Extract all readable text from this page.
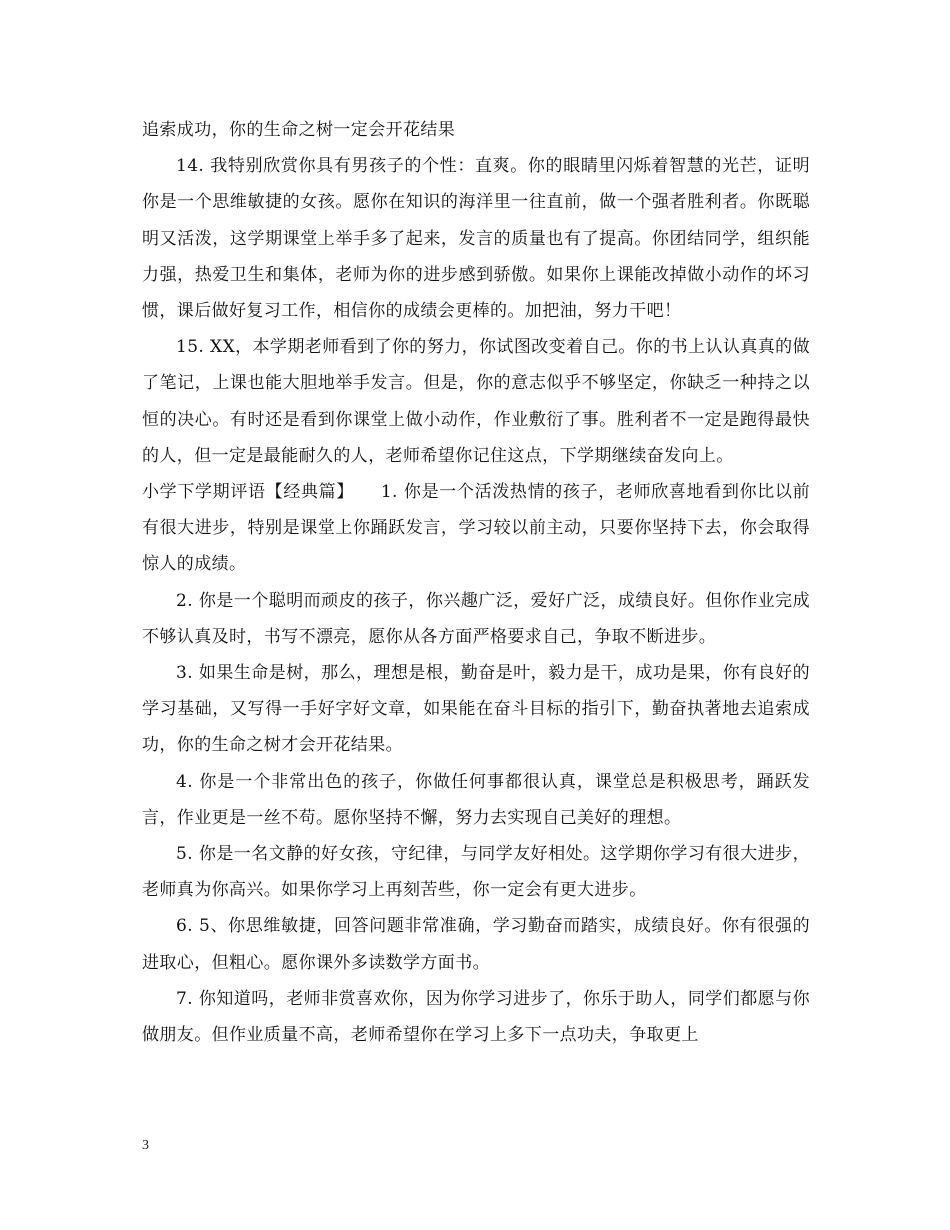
追索成功，你的生命之树一定会开花结果

14. 我特别欣赏你具有男孩子的个性：直爽。你的眼睛里闪烁着智慧的光芒，证明你是一个思维敏捷的女孩。愿你在知识的海洋里一往直前，做一个强者胜利者。你既聪明又活泼，这学期课堂上举手多了起来，发言的质量也有了提高。你团结同学，组织能力强，热爱卫生和集体，老师为你的进步感到骄傲。如果你上课能改掉做小动作的坏习惯，课后做好复习工作，相信你的成绩会更棒的。加把油，努力干吧！

15. XX，本学期老师看到了你的努力，你试图改变着自己。你的书上认认真真的做了笔记，上课也能大胆地举手发言。但是，你的意志似乎不够坚定，你缺乏一种持之以恒的决心。有时还是看到你课堂上做小动作，作业敷衍了事。胜利者不一定是跑得最快的人，但一定是最能耐久的人，老师希望你记住这点，下学期继续奋发向上。

小学下学期评语【经典篇】　　1. 你是一个活泼热情的孩子，老师欣喜地看到你比以前有很大进步，特别是课堂上你踊跃发言，学习较以前主动，只要你坚持下去，你会取得惊人的成绩。

2. 你是一个聪明而顽皮的孩子，你兴趣广泛，爱好广泛，成绩良好。但你作业完成不够认真及时，书写不漂亮，愿你从各方面严格要求自己，争取不断进步。

3. 如果生命是树，那么，理想是根，勤奋是叶，毅力是干，成功是果，你有良好的学习基础，又写得一手好字好文章，如果能在奋斗目标的指引下，勤奋执著地去追索成功，你的生命之树才会开花结果。

4. 你是一个非常出色的孩子，你做任何事都很认真，课堂总是积极思考，踊跃发言，作业更是一丝不苟。愿你坚持不懈，努力去实现自己美好的理想。

5. 你是一名文静的好女孩，守纪律，与同学友好相处。这学期你学习有很大进步，老师真为你高兴。如果你学习上再刻苦些，你一定会有更大进步。

6. 5、你思维敏捷，回答问题非常准确，学习勤奋而踏实，成绩良好。你有很强的进取心，但粗心。愿你课外多读数学方面书。

7. 你知道吗，老师非赏喜欢你，因为你学习进步了，你乐于助人，同学们都愿与你做朋友。但作业质量不高，老师希望你在学习上多下一点功夫，争取更上

3
